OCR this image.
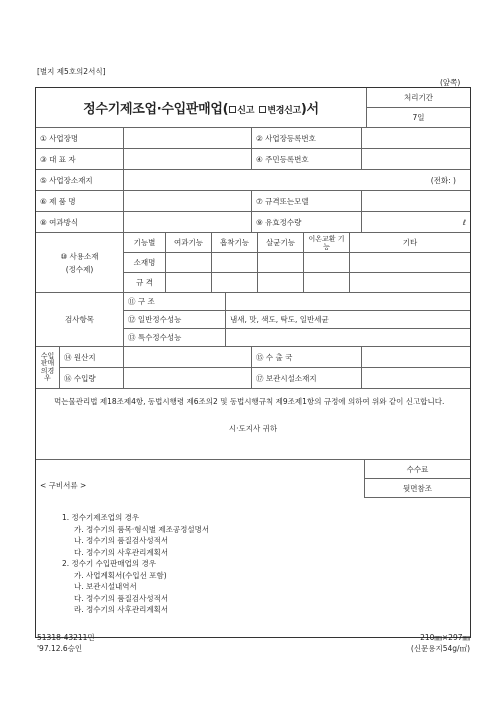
[별지 제5호의2서식]
(앞쪽)
정수기제조업·수입판매업( 신고 변경신고)서
처리기간
7일
① 사업장명	② 사업장등록번호
③ 대 표 자	④ 주민등록번호
⑤ 사업장소재지	(전화: )
⑥ 제 품 명	⑦ 규격또는모델
⑧ 여과방식	⑨ 유효정수량	ℓ
⑩ 사용소재
(정수제)
기능별	여과기능	흡착기능	살균기능	이온교환 기 능	기타
소재명
규 격
검사항목
⑪ 구 조
⑫ 일반정수성능	냄새, 맛, 색도, 탁도, 일반세균
⑬ 특수정수성능
수입판매의경우
⑭ 원산지	⑮ 수 출 국
⑯ 수입량	⑰ 보관시설소재지
먹는물관리법 제18조제4항, 동법시행령 제6조의2 및 동법시행규칙 제9조제1항의 규정에 의하여 위와 같이 신고합니다.
시·도지사 귀하
< 구비서류 >
수수료
뒷면참조
1. 정수기제조업의 경우
가. 정수기의 품목·형식별 제조공정설명서
나. 정수기의 품질검사성적서
다. 정수기의 사후관리계획서
2. 정수기 수입판매업의 경우
가. 사업계획서(수입선 포함)
나. 보관시설내역서
다. 정수기의 품질검사성적서
라. 정수기의 사후관리계획서
51318-43211민
'97.12.6승인
210㎜×297㎜
(신문용지54g/㎡)
